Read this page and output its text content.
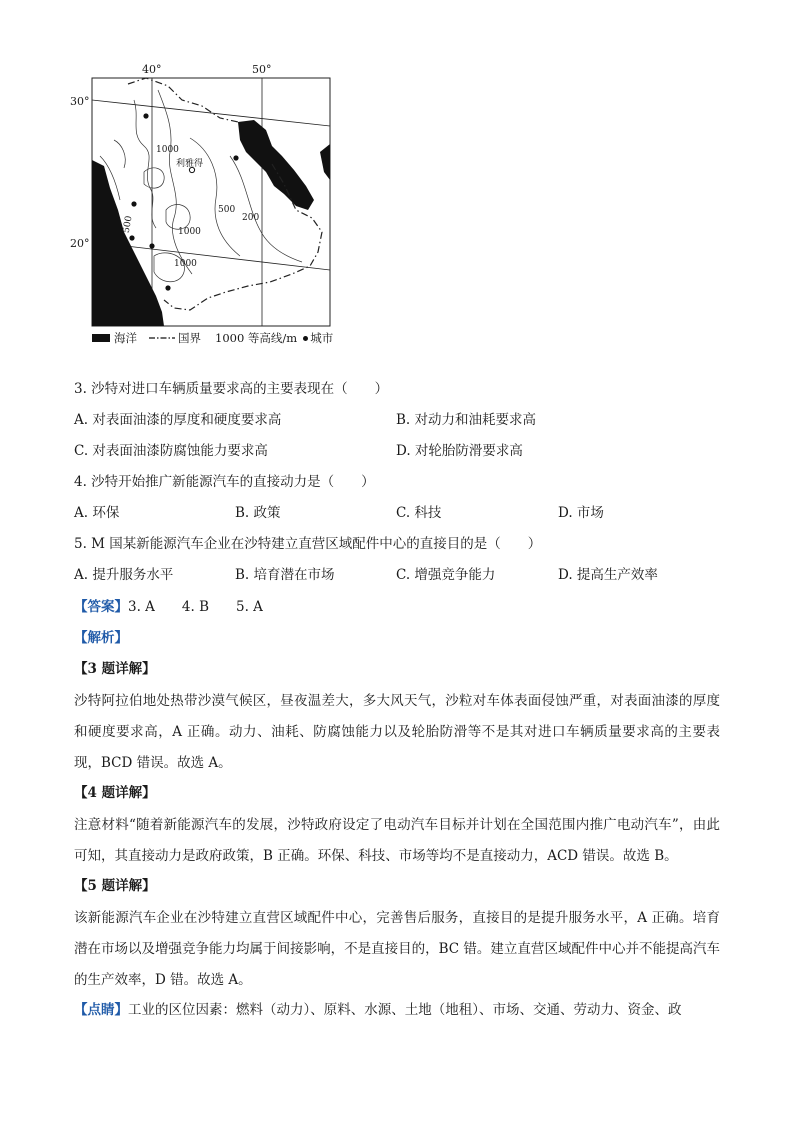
40°	50°
30°
20°
利雅得
1000
500
200
1000
1000
500
海洋	国界 1000 等高线/m 城市
3. 沙特对进口车辆质量要求高的主要表现在（　　）
A. 对表面油漆的厚度和硬度要求高	B. 对动力和油耗要求高
C. 对表面油漆防腐蚀能力要求高	D. 对轮胎防滑要求高
4. 沙特开始推广新能源汽车的直接动力是（　　）
A. 环保	B. 政策	C. 科技	D. 市场
5. M 国某新能源汽车企业在沙特建立直营区域配件中心的直接目的是（　　）
A. 提升服务水平	B. 培育潜在市场	C. 增强竞争能力	D. 提高生产效率
【答案】3. A　　4. B　　5. A
【解析】
【3 题详解】
沙特阿拉伯地处热带沙漠气候区，昼夜温差大，多大风天气，沙粒对车体表面侵蚀严重，对表面油漆的厚度和硬度要求高，A 正确。动力、油耗、防腐蚀能力以及轮胎防滑等不是其对进口车辆质量要求高的主要表现，BCD 错误。故选 A。
【4 题详解】
注意材料“随着新能源汽车的发展，沙特政府设定了电动汽车目标并计划在全国范围内推广电动汽车”，由此可知，其直接动力是政府政策，B 正确。环保、科技、市场等均不是直接动力，ACD 错误。故选 B。
【5 题详解】
该新能源汽车企业在沙特建立直营区域配件中心，完善售后服务，直接目的是提升服务水平，A 正确。培育潜在市场以及增强竞争能力均属于间接影响，不是直接目的，BC 错。建立直营区域配件中心并不能提高汽车的生产效率，D 错。故选 A。
【点睛】工业的区位因素：燃料（动力）、原料、水源、土地（地租）、市场、交通、劳动力、资金、政
